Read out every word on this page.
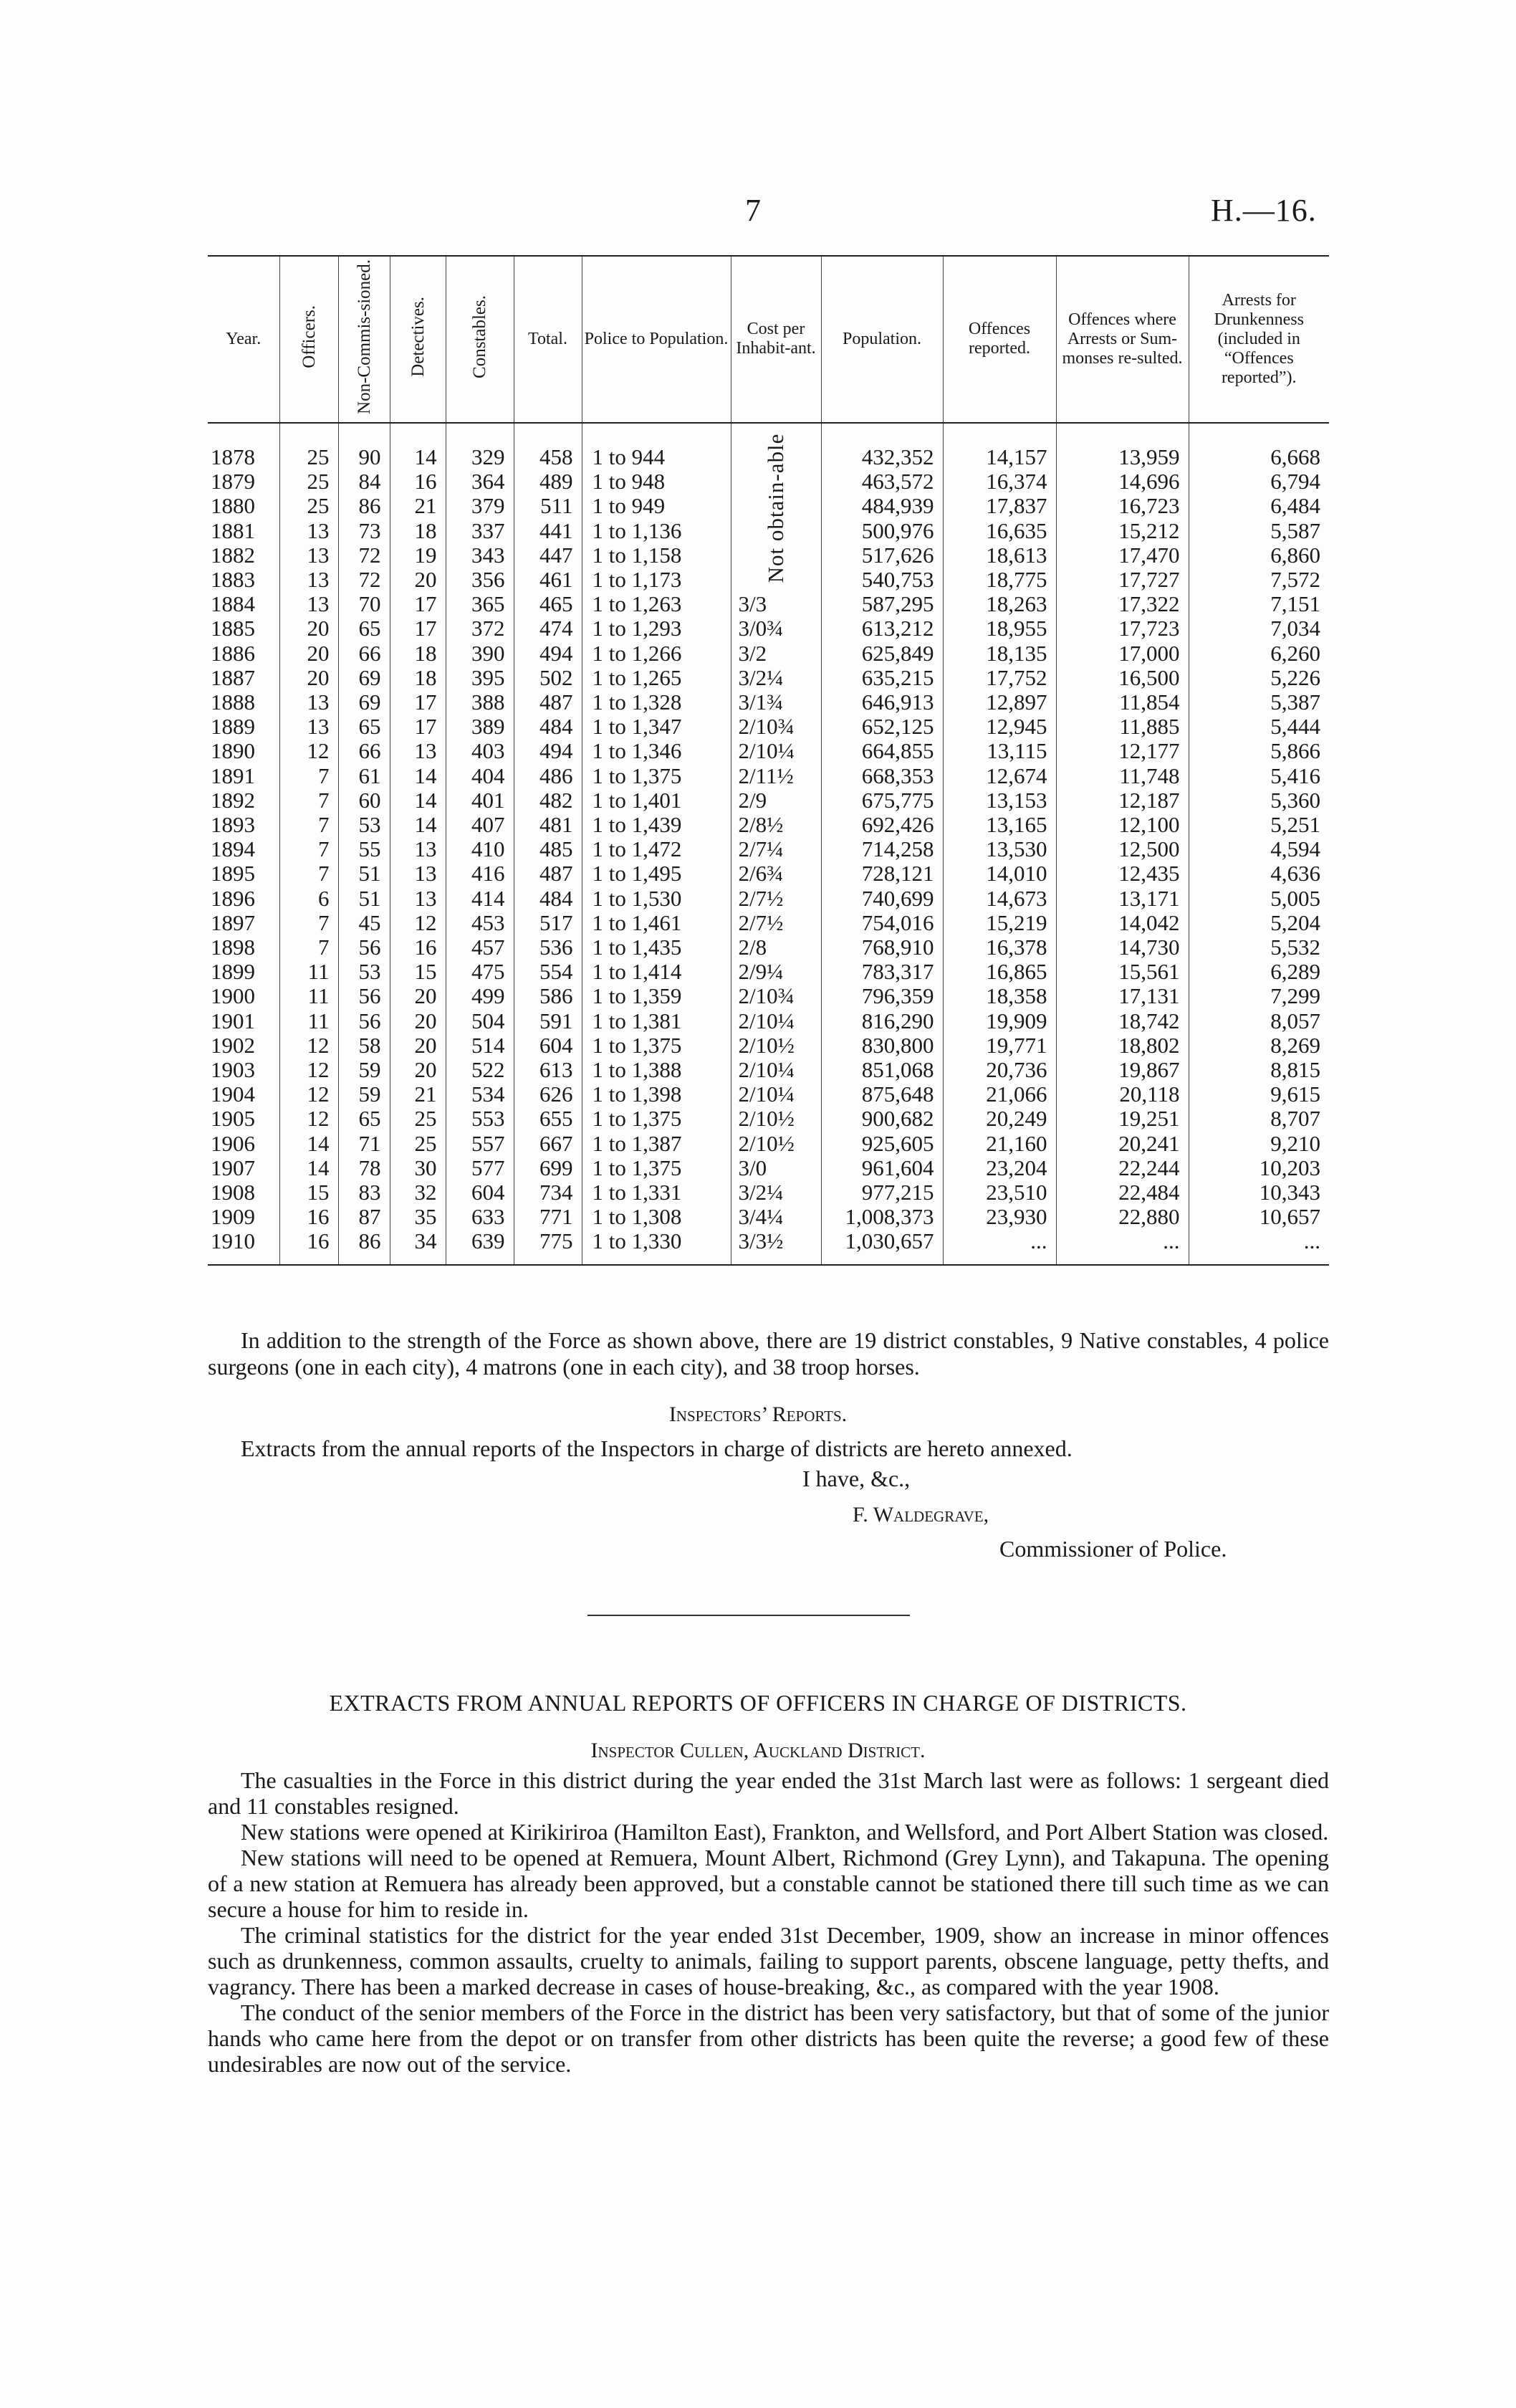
7	H.—16.
Year.	Officers.	Non-Commis-sioned.	Detectives.	Constables.	Total.	Police to Population.	Cost per Inhabit-ant.	Population.	Offences reported.	Offences where Arrests or Sum-monses re-sulted.	Arrests for Drunkenness (included in “Offences reported”).
1878	25	90	14	329	458	1 to 944	Not obtain-able	432,352	14,157	13,959	6,668
1879	25	84	16	364	489	1 to 948		463,572	16,374	14,696	6,794
1880	25	86	21	379	511	1 to 949		484,939	17,837	16,723	6,484
1881	13	73	18	337	441	1 to 1,136		500,976	16,635	15,212	5,587
1882	13	72	19	343	447	1 to 1,158		517,626	18,613	17,470	6,860
1883	13	72	20	356	461	1 to 1,173		540,753	18,775	17,727	7,572
1884	13	70	17	365	465	1 to 1,263	3/3	587,295	18,263	17,322	7,151
1885	20	65	17	372	474	1 to 1,293	3/0¾	613,212	18,955	17,723	7,034
1886	20	66	18	390	494	1 to 1,266	3/2	625,849	18,135	17,000	6,260
1887	20	69	18	395	502	1 to 1,265	3/2¼	635,215	17,752	16,500	5,226
1888	13	69	17	388	487	1 to 1,328	3/1¾	646,913	12,897	11,854	5,387
1889	13	65	17	389	484	1 to 1,347	2/10¾	652,125	12,945	11,885	5,444
1890	12	66	13	403	494	1 to 1,346	2/10¼	664,855	13,115	12,177	5,866
1891	7	61	14	404	486	1 to 1,375	2/11½	668,353	12,674	11,748	5,416
1892	7	60	14	401	482	1 to 1,401	2/9	675,775	13,153	12,187	5,360
1893	7	53	14	407	481	1 to 1,439	2/8½	692,426	13,165	12,100	5,251
1894	7	55	13	410	485	1 to 1,472	2/7¼	714,258	13,530	12,500	4,594
1895	7	51	13	416	487	1 to 1,495	2/6¾	728,121	14,010	12,435	4,636
1896	6	51	13	414	484	1 to 1,530	2/7½	740,699	14,673	13,171	5,005
1897	7	45	12	453	517	1 to 1,461	2/7½	754,016	15,219	14,042	5,204
1898	7	56	16	457	536	1 to 1,435	2/8	768,910	16,378	14,730	5,532
1899	11	53	15	475	554	1 to 1,414	2/9¼	783,317	16,865	15,561	6,289
1900	11	56	20	499	586	1 to 1,359	2/10¾	796,359	18,358	17,131	7,299
1901	11	56	20	504	591	1 to 1,381	2/10¼	816,290	19,909	18,742	8,057
1902	12	58	20	514	604	1 to 1,375	2/10½	830,800	19,771	18,802	8,269
1903	12	59	20	522	613	1 to 1,388	2/10¼	851,068	20,736	19,867	8,815
1904	12	59	21	534	626	1 to 1,398	2/10¼	875,648	21,066	20,118	9,615
1905	12	65	25	553	655	1 to 1,375	2/10½	900,682	20,249	19,251	8,707
1906	14	71	25	557	667	1 to 1,387	2/10½	925,605	21,160	20,241	9,210
1907	14	78	30	577	699	1 to 1,375	3/0	961,604	23,204	22,244	10,203
1908	15	83	32	604	734	1 to 1,331	3/2¼	977,215	23,510	22,484	10,343
1909	16	87	35	633	771	1 to 1,308	3/4¼	1,008,373	23,930	22,880	10,657
1910	16	86	34	639	775	1 to 1,330	3/3½	1,030,657	...	...	...

In addition to the strength of the Force as shown above, there are 19 district constables, 9 Native constables, 4 police surgeons (one in each city), 4 matrons (one in each city), and 38 troop horses.

Inspectors’ Reports.
Extracts from the annual reports of the Inspectors in charge of districts are hereto annexed.
I have, &c.,
F. Waldegrave,
Commissioner of Police.
EXTRACTS FROM ANNUAL REPORTS OF OFFICERS IN CHARGE OF DISTRICTS.
Inspector Cullen, Auckland District.

The casualties in the Force in this district during the year ended the 31st March last were as follows: 1 sergeant died and 11 constables resigned.

New stations were opened at Kirikiriroa (Hamilton East), Frankton, and Wellsford, and Port Albert Station was closed.

New stations will need to be opened at Remuera, Mount Albert, Richmond (Grey Lynn), and Takapuna. The opening of a new station at Remuera has already been approved, but a constable cannot be stationed there till such time as we can secure a house for him to reside in.

The criminal statistics for the district for the year ended 31st December, 1909, show an increase in minor offences such as drunkenness, common assaults, cruelty to animals, failing to support parents, obscene language, petty thefts, and vagrancy. There has been a marked decrease in cases of house-breaking, &c., as compared with the year 1908.

The conduct of the senior members of the Force in the district has been very satisfactory, but that of some of the junior hands who came here from the depot or on transfer from other districts has been quite the reverse; a good few of these undesirables are now out of the service.
